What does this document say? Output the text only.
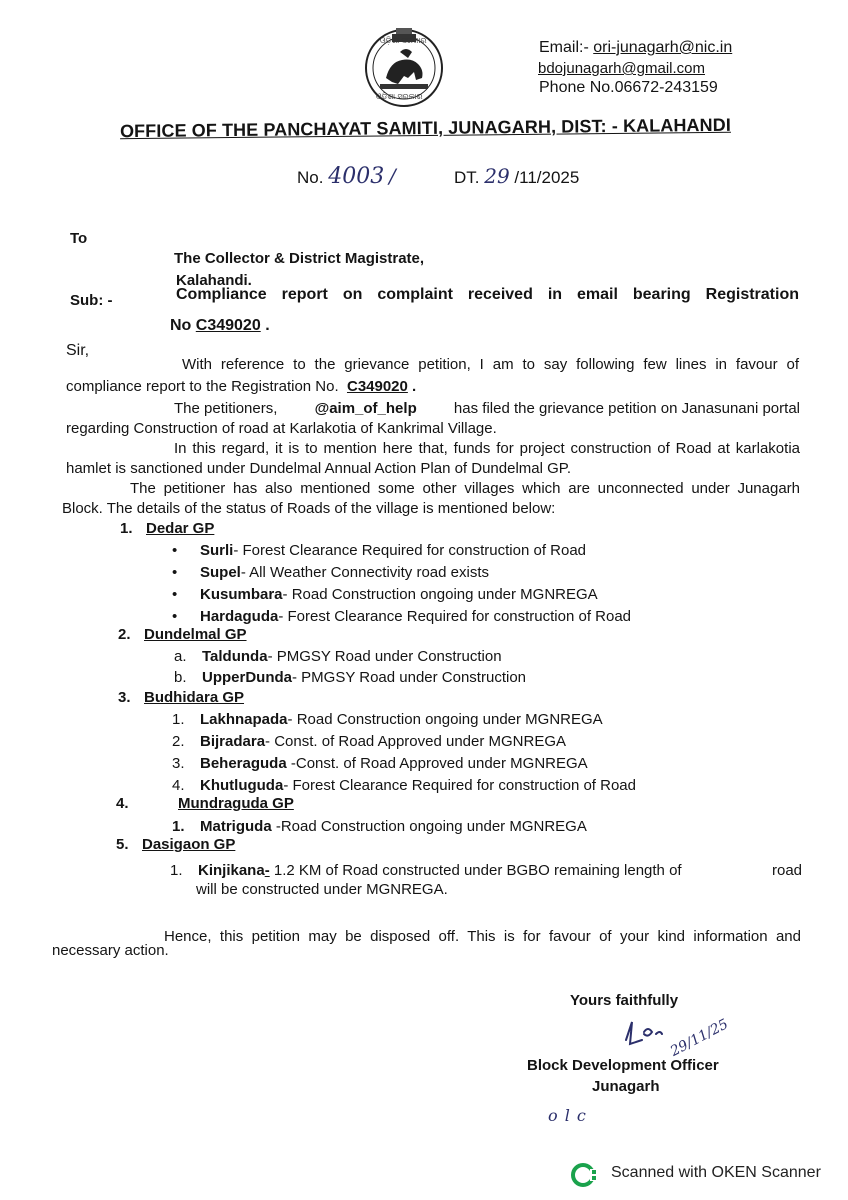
ଓଡ଼ିଶା ସରକାର
ଓଡ଼ିଶା ସରକାର
Email:- ori-junagarh@nic.in
bdojunagarh@gmail.com
Phone No.06672-243159
OFFICE OF THE PANCHAYAT SAMITI, JUNAGARH, DIST: - KALAHANDI
No. 4003 /	DT. 29 /11/2025
To
The Collector & District Magistrate,
Kalahandi.
Sub: -	Compliance report on complaint received in email bearing Registration
No C349020 .
Sir,
With reference to the grievance petition, I am to say following few lines in favour of
compliance report to the Registration No. C349020 .
The petitioners, @aim_of_help has filed the grievance petition on Janasunani portal
regarding Construction of road at Karlakotia of Kankrimal Village.
In this regard, it is to mention here that, funds for project construction of Road at karlakotia
hamlet is sanctioned under Dundelmal Annual Action Plan of Dundelmal GP.
The petitioner has also mentioned some other villages which are unconnected under Junagarh
Block. The details of the status of Roads of the village is mentioned below:
1. Dedar GP
• Surli- Forest Clearance Required for construction of Road
• Supel- All Weather Connectivity road exists
• Kusumbara- Road Construction ongoing under MGNREGA
• Hardaguda- Forest Clearance Required for construction of Road
2. Dundelmal GP
a. Taldunda- PMGSY Road under Construction
b. UpperDunda- PMGSY Road under Construction
3. Budhidara GP
1. Lakhnapada- Road Construction ongoing under MGNREGA
2. Bijradara- Const. of Road Approved under MGNREGA
3. Beheraguda -Const. of Road Approved under MGNREGA
4. Khutluguda- Forest Clearance Required for construction of Road
4.	Mundraguda GP
1. Matriguda -Road Construction ongoing under MGNREGA
5. Dasigaon GP
1. Kinjikana- 1.2 KM of Road constructed under BGBO remaining length of	road
will be constructed under MGNREGA.
Hence, this petition may be disposed off. This is for favour of your kind information and
necessary action.
Yours faithfully
29/11/25
Block Development Officer
Junagarh
o l c
Scanned with OKEN Scanner
